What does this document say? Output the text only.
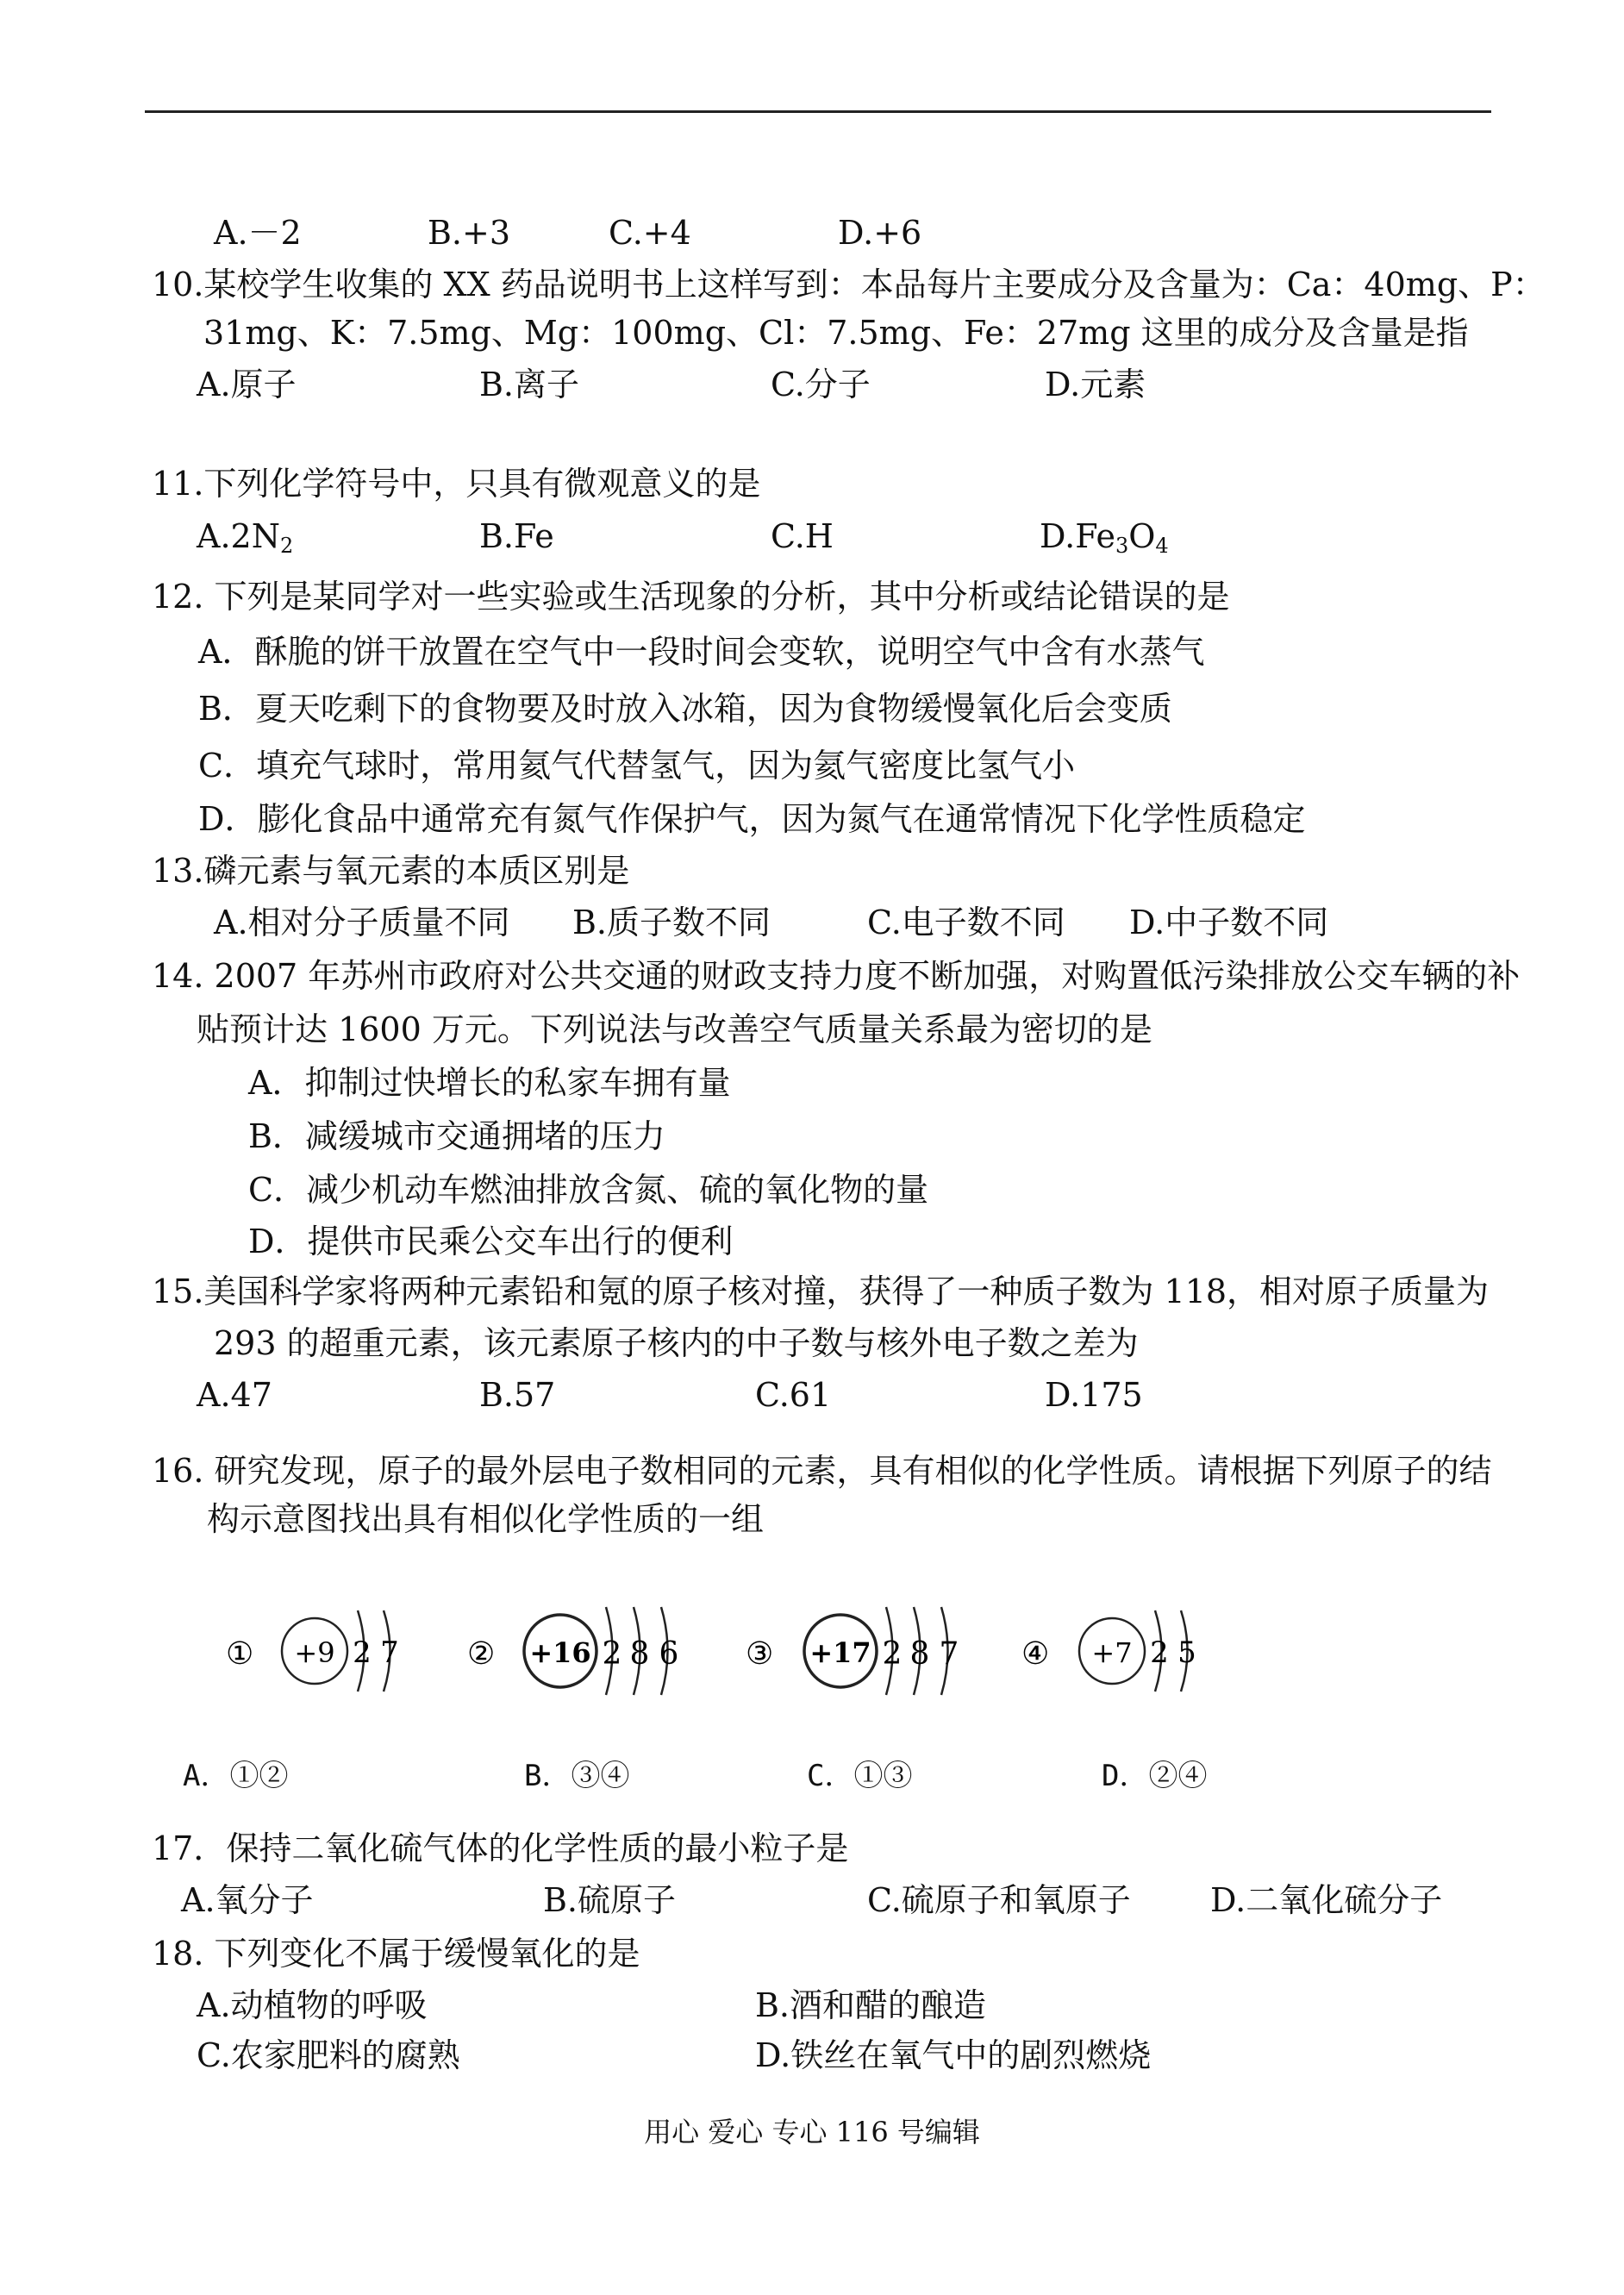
A.－2	B.+3	C.+4	D.+6
10.某校学生收集的 XX 药品说明书上这样写到：本品每片主要成分及含量为：Ca：40mg、P：
31mg、K：7.5mg、Mg：100mg、Cl：7.5mg、Fe：27mg 这里的成分及含量是指
A.原子	B.离子	C.分子	D.元素
11.下列化学符号中，只具有微观意义的是
$A.2N_2$	B.Fe	C.H	$D.Fe_3O_4$
12. 下列是某同学对一些实验或生活现象的分析，其中分析或结论错误的是
A．酥脆的饼干放置在空气中一段时间会变软，说明空气中含有水蒸气
B．夏天吃剩下的食物要及时放入冰箱，因为食物缓慢氧化后会变质
C．填充气球时，常用氦气代替氢气，因为氦气密度比氢气小
D．膨化食品中通常充有氮气作保护气，因为氮气在通常情况下化学性质稳定
13.磷元素与氧元素的本质区别是
A.相对分子质量不同 B.质子数不同	C.电子数不同 D.中子数不同
14. 2007 年苏州市政府对公共交通的财政支持力度不断加强，对购置低污染排放公交车辆的补
贴预计达 1600 万元。下列说法与改善空气质量关系最为密切的是
A．抑制过快增长的私家车拥有量
B．减缓城市交通拥堵的压力
C．减少机动车燃油排放含氮、硫的氧化物的量
D．提供市民乘公交车出行的便利
15.美国科学家将两种元素铅和氪的原子核对撞，获得了一种质子数为 118，相对原子质量为
293 的超重元素，该元素原子核内的中子数与核外电子数之差为
A.47	B.57	C.61	D.175
16. 研究发现，原子的最外层电子数相同的元素，具有相似的化学性质。请根据下列原子的结
构示意图找出具有相似化学性质的一组
① +9 2 7 ② +16 2 8 6 ③ +17 2 8 7 ④ +7 2 5
A．①②	B．③④	C．①③	D．②④
17．保持二氧化硫气体的化学性质的最小粒子是
A.氧分子	B.硫原子	C.硫原子和氧原子 D.二氧化硫分子
18. 下列变化不属于缓慢氧化的是
A.动植物的呼吸	B.酒和醋的酿造
C.农家肥料的腐熟	D.铁丝在氧气中的剧烈燃烧
用心 爱心 专心 116 号编辑
